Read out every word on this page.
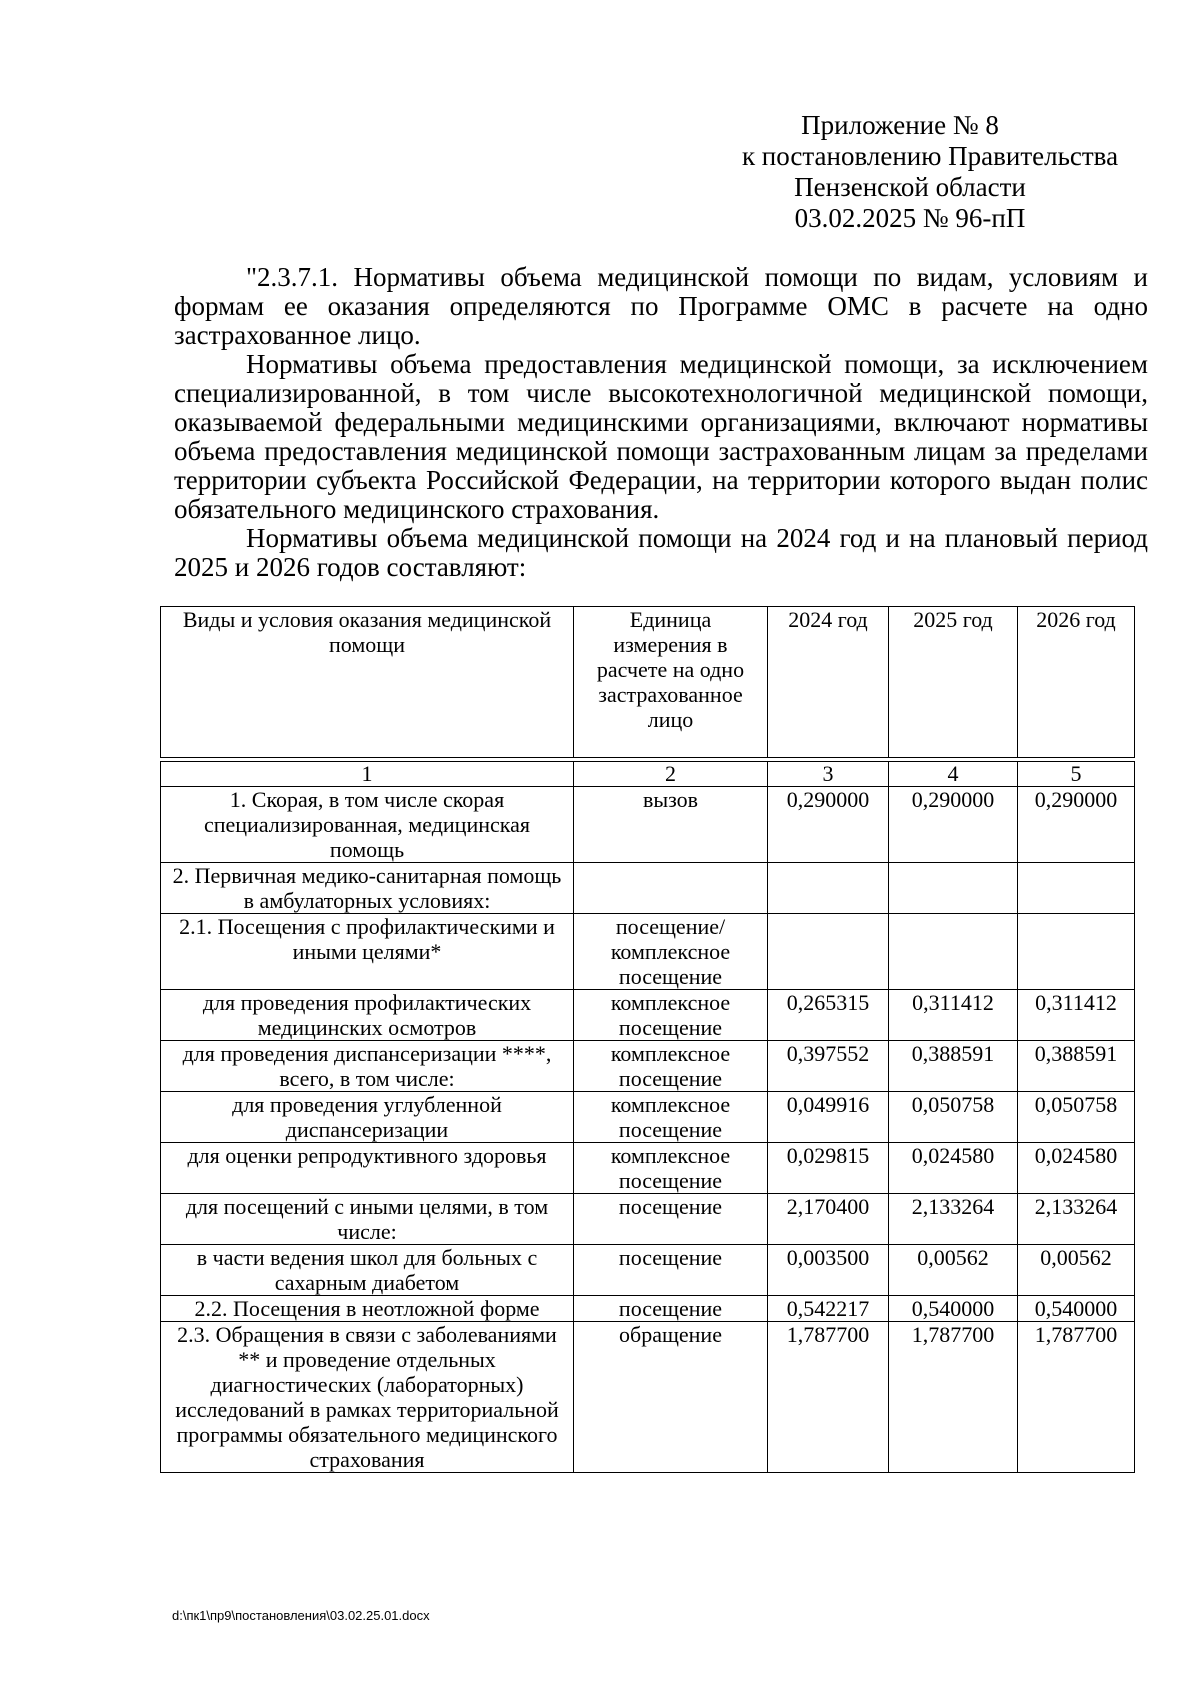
Приложение № 8
к постановлению Правительства
Пензенской области
03.02.2025 № 96-пП

"2.3.7.1. Нормативы объема медицинской помощи по видам, условиям и формам ее оказания определяются по Программе ОМС в расчете на одно застрахованное лицо.

Нормативы объема предоставления медицинской помощи, за исключением специализированной, в том числе высокотехнологичной медицинской помощи, оказываемой федеральными медицинскими организациями, включают нормативы объема предоставления медицинской помощи застрахованным лицам за пределами территории субъекта Российской Федерации, на территории которого выдан полис обязательного медицинского страхования.

Нормативы объема медицинской помощи на 2024 год и на плановый период 2025 и 2026 годов составляют:

Виды и условия оказания медицинской помощи	Единица измерения в расчете на одно застрахованное лицо	2024 год	2025 год	2026 год

1	2	3	4	5
1. Скорая, в том числе скорая специализированная, медицинская помощь	вызов	0,290000	0,290000	0,290000
2. Первичная медико-санитарная помощь в амбулаторных условиях:				
2.1. Посещения с профилактическими и иными целями*	посещение/ комплексное посещение			
для проведения профилактических медицинских осмотров	комплексное посещение	0,265315	0,311412	0,311412
для проведения диспансеризации ****, всего, в том числе:	комплексное посещение	0,397552	0,388591	0,388591
для проведения углубленной диспансеризации	комплексное посещение	0,049916	0,050758	0,050758
для оценки репродуктивного здоровья	комплексное посещение	0,029815	0,024580	0,024580
для посещений с иными целями, в том числе:	посещение	2,170400	2,133264	2,133264
в части ведения школ для больных с сахарным диабетом	посещение	0,003500	0,00562	0,00562
2.2. Посещения в неотложной форме	посещение	0,542217	0,540000	0,540000
2.3. Обращения в связи с заболеваниями ** и проведение отдельных диагностических (лабораторных) исследований в рамках территориальной программы обязательного медицинского страхования	обращение	1,787700	1,787700	1,787700
d:\пк1\пр9\постановления\03.02.25.01.docx
